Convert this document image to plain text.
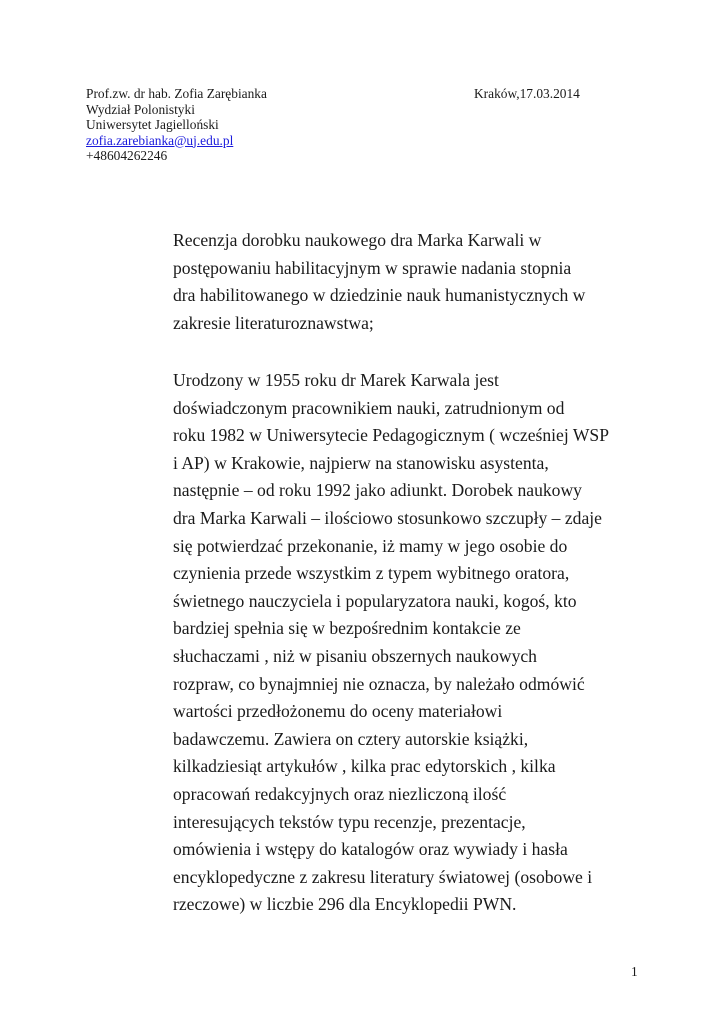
Prof.zw. dr hab. Zofia Zarębianka
Wydział Polonistyki
Uniwersytet Jagielloński
zofia.zarebianka@uj.edu.pl
+48604262246
Kraków,17.03.2014
Recenzja dorobku naukowego dra Marka Karwali w
postępowaniu habilitacyjnym w sprawie nadania stopnia
dra habilitowanego w dziedzinie nauk humanistycznych w
zakresie literaturoznawstwa;
Urodzony w 1955 roku dr Marek Karwala jest
doświadczonym pracownikiem nauki, zatrudnionym od
roku 1982 w Uniwersytecie Pedagogicznym ( wcześniej WSP
i AP) w Krakowie, najpierw na stanowisku asystenta,
następnie – od roku 1992 jako adiunkt. Dorobek naukowy
dra Marka Karwali – ilościowo stosunkowo szczupły – zdaje
się potwierdzać przekonanie, iż mamy w jego osobie do
czynienia przede wszystkim z typem wybitnego oratora,
świetnego nauczyciela i popularyzatora nauki, kogoś, kto
bardziej spełnia się w bezpośrednim kontakcie ze
słuchaczami , niż w pisaniu obszernych naukowych
rozpraw, co bynajmniej nie oznacza, by należało odmówić
wartości przedłożonemu do oceny materiałowi
badawczemu. Zawiera on cztery autorskie książki,
kilkadziesiąt artykułów , kilka prac edytorskich , kilka
opracowań redakcyjnych oraz niezliczoną ilość
interesujących tekstów typu recenzje, prezentacje,
omówienia i wstępy do katalogów oraz wywiady i hasła
encyklopedyczne z zakresu literatury światowej (osobowe i
rzeczowe) w liczbie 296 dla Encyklopedii PWN.
1
